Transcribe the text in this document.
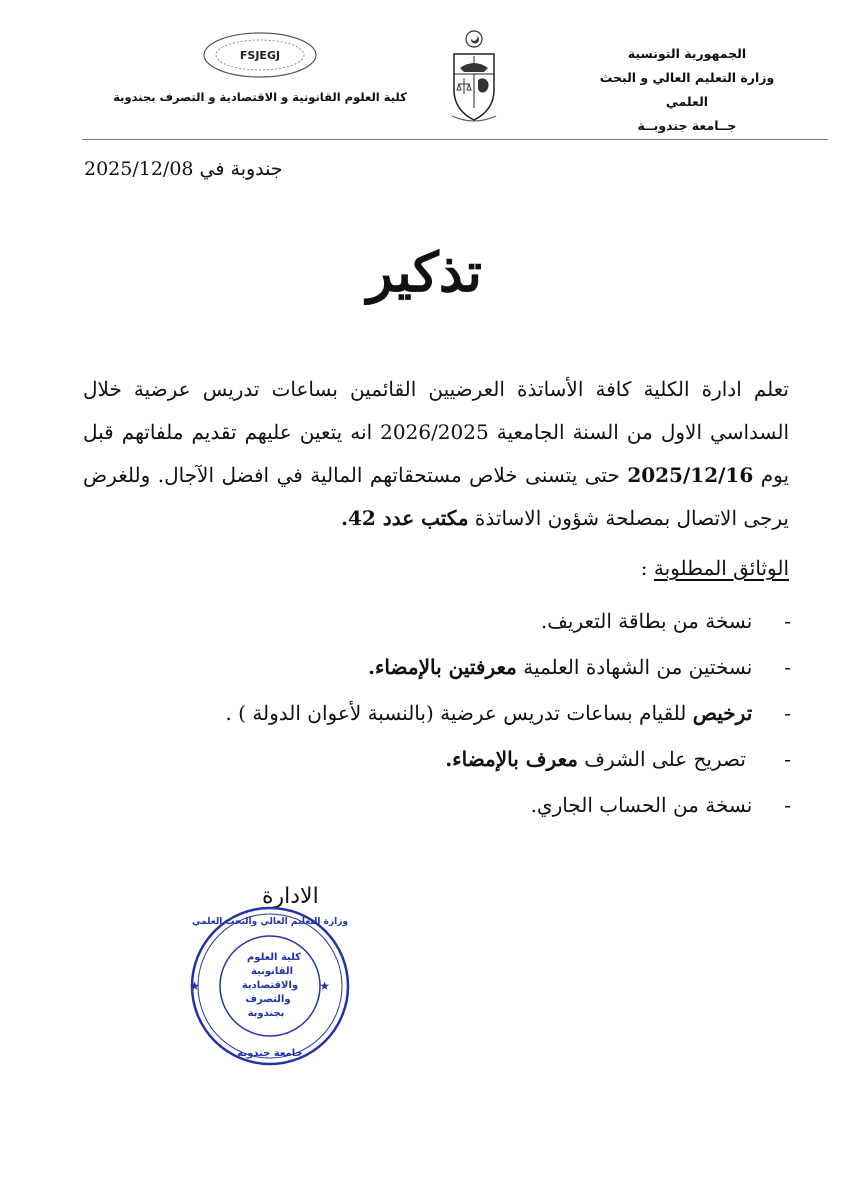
الجمهورية التونسية
وزارة التعليم العالي و البحث العلمي
جــامعة جندوبــة
FSJEGJ
كلية العلوم القانونية و الاقتصادية و التصرف بجندوبة
جندوبة في 2025/12/08
تذكير

تعلم ادارة الكلية كافة الأساتذة العرضيين القائمين بساعات تدريس عرضية خلال السداسي الاول من السنة الجامعية 2026/2025 انه يتعين عليهم تقديم ملفاتهم قبل يوم 2025/12/16 حتى يتسنى خلاص مستحقاتهم المالية في افضل الآجال. وللغرض يرجى الاتصال بمصلحة شؤون الاساتذة مكتب عدد 42.

الوثائق المطلوبة :
-  نسخة من بطاقة التعريف.
-  نسختين من الشهادة العلمية معرفتين بالإمضاء.
-  ترخيص للقيام بساعات تدريس عرضية (بالنسبة لأعوان الدولة ) .
-   تصريح على الشرف معرف بالإمضاء.
-  نسخة من الحساب الجاري.
الادارة
★	★
كلية العلوم
القانونية
والاقتصادية
والتصرف
بجندوبة
وزارة التعليم العالي والبحث العلمي
جامعة جندوبة
